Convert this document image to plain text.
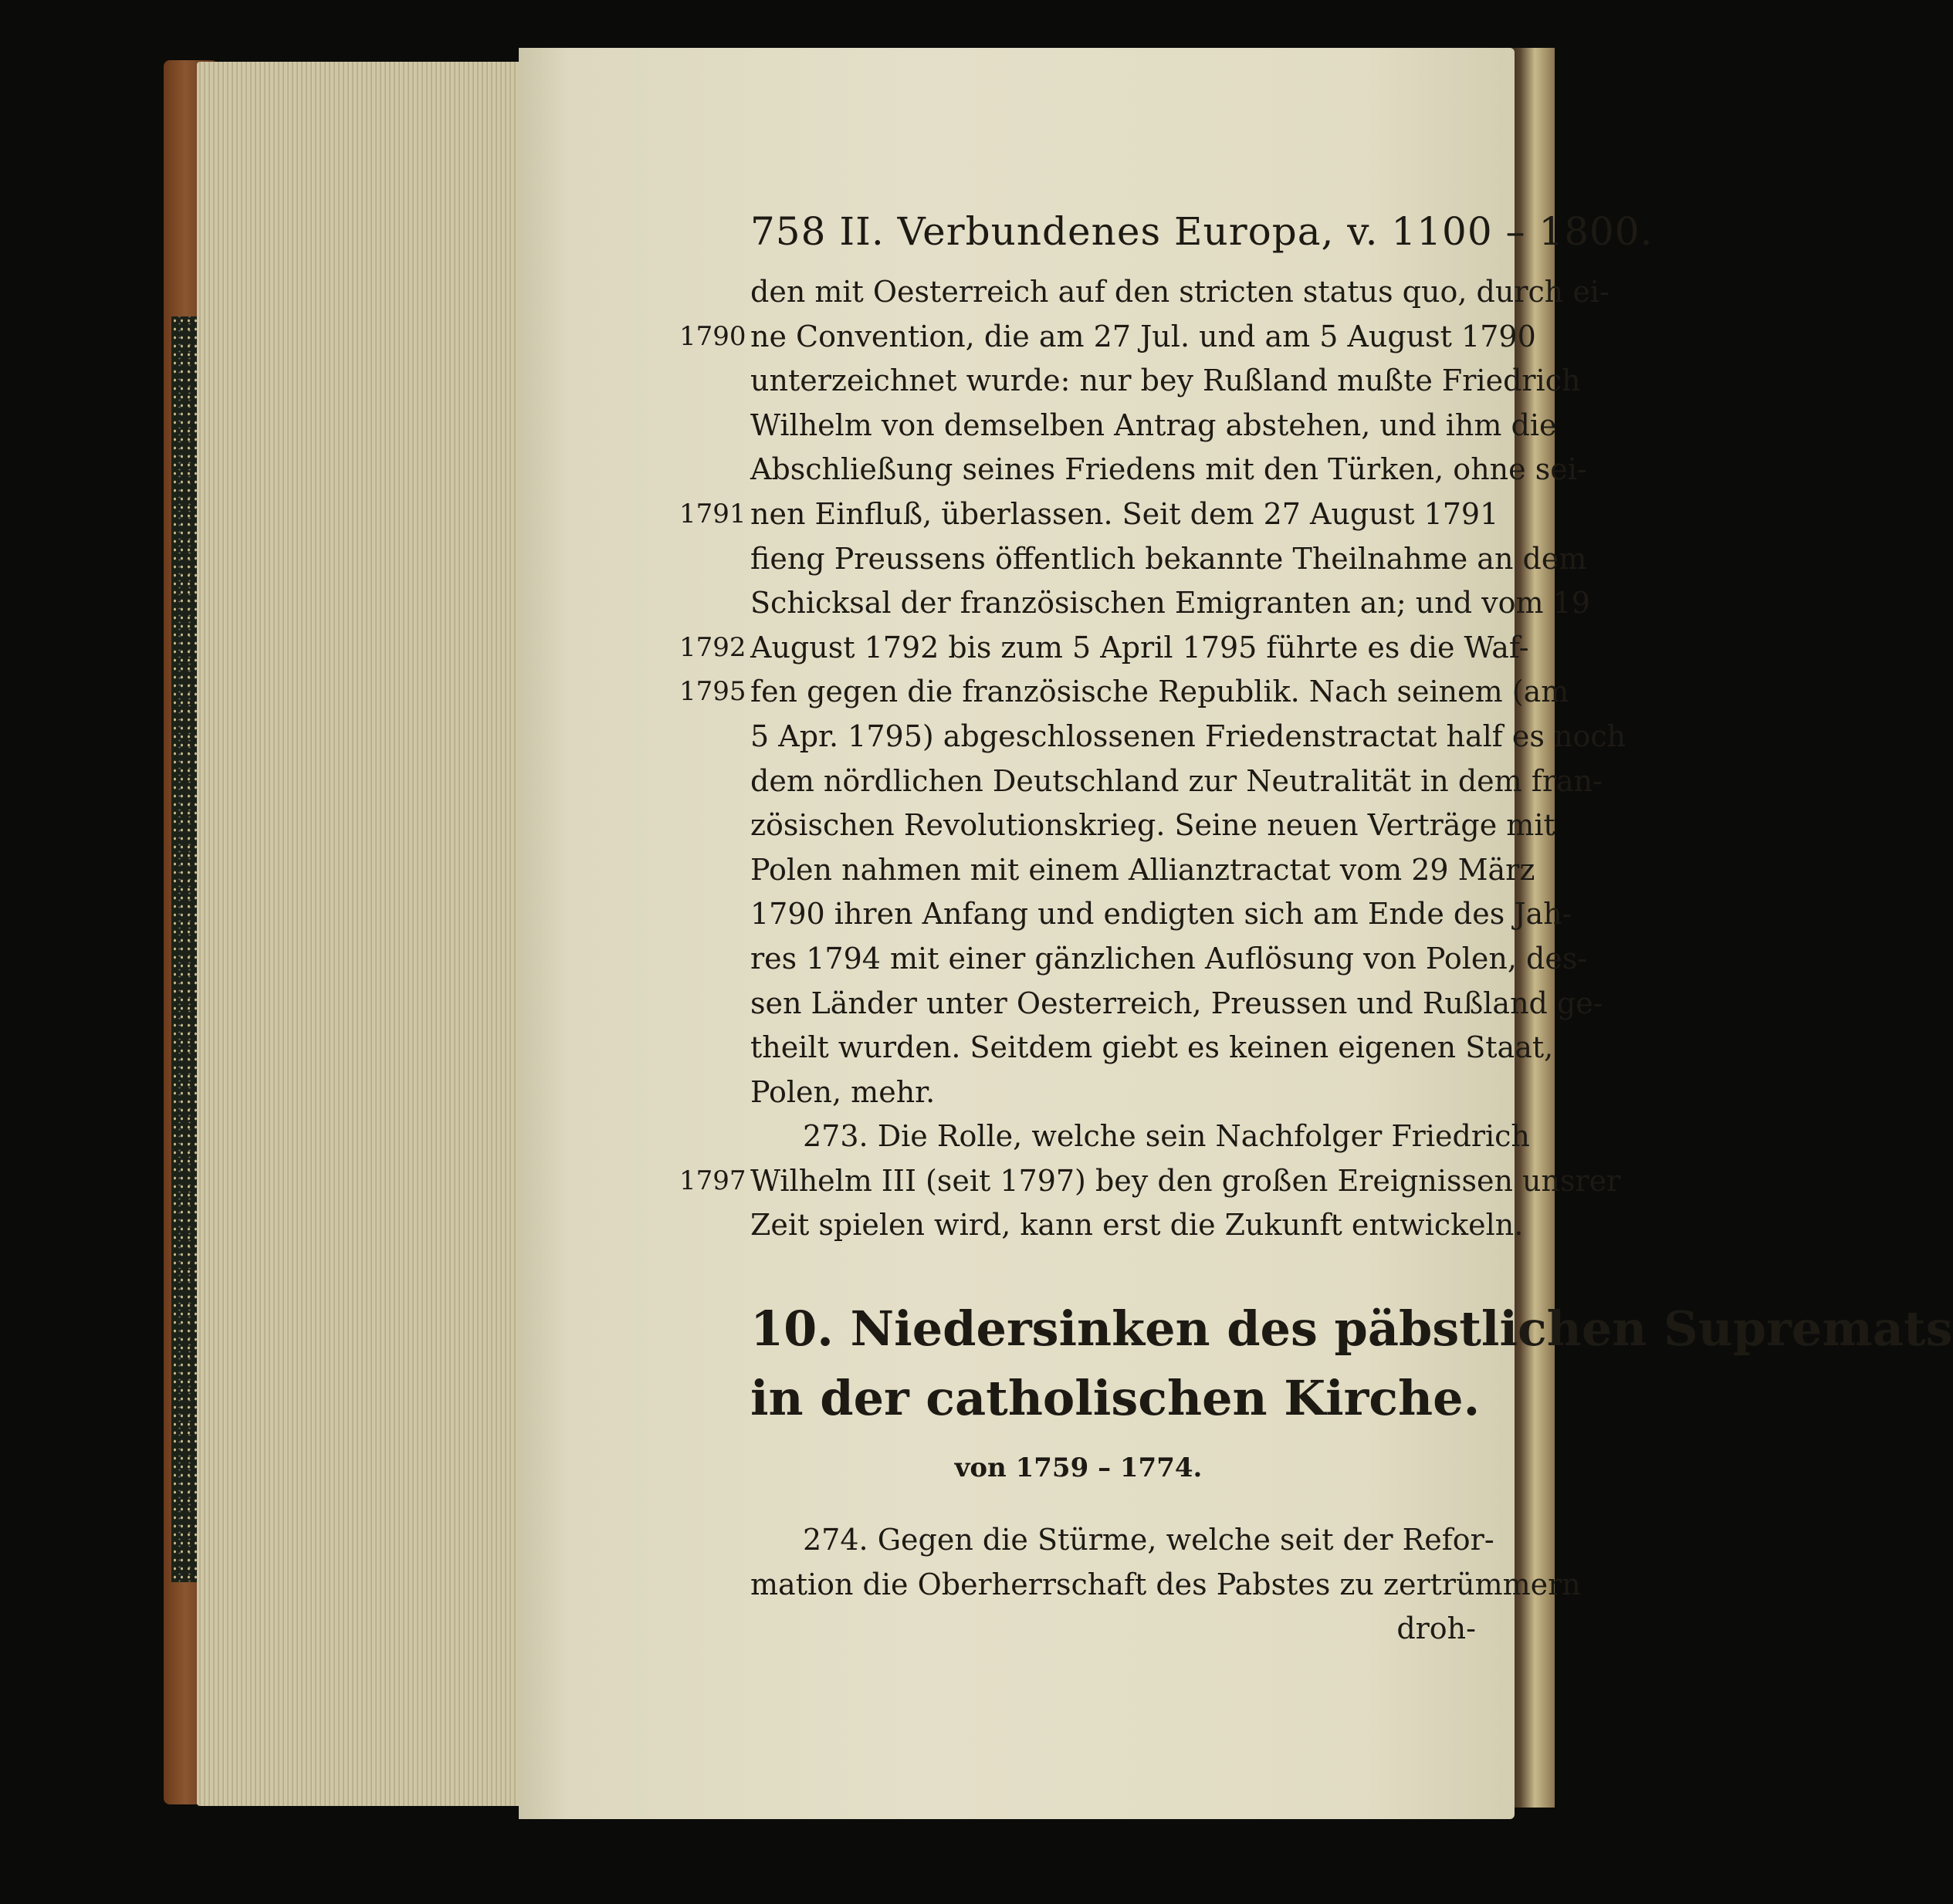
758 II. Verbundenes Europa, v. 1100 – 1800.
den mit Oesterreich auf den stricten status quo, durch ei-
ne Convention, die am 27 Jul. und am 5 August 1790
1790
unterzeichnet wurde: nur bey Rußland mußte Friedrich
Wilhelm von demselben Antrag abstehen, und ihm die
Abschließung seines Friedens mit den Türken, ohne sei-
nen Einfluß, überlassen. Seit dem 27 August 1791
1791
fieng Preussens öffentlich bekannte Theilnahme an dem
Schicksal der französischen Emigranten an; und vom 19
August 1792 bis zum 5 April 1795 führte es die Waf-
1792
fen gegen die französische Republik. Nach seinem (am
1795
5 Apr. 1795) abgeschlossenen Friedenstractat half es noch
dem nördlichen Deutschland zur Neutralität in dem fran-
zösischen Revolutionskrieg. Seine neuen Verträge mit
Polen nahmen mit einem Allianztractat vom 29 März
1790 ihren Anfang und endigten sich am Ende des Jah-
res 1794 mit einer gänzlichen Auflösung von Polen, des-
sen Länder unter Oesterreich, Preussen und Rußland ge-
theilt wurden. Seitdem giebt es keinen eigenen Staat,
Polen, mehr.
273. Die Rolle, welche sein Nachfolger Friedrich
Wilhelm III (seit 1797) bey den großen Ereignissen unsrer
1797
Zeit spielen wird, kann erst die Zukunft entwickeln.
10. Niedersinken des päbstlichen Supremats
in der catholischen Kirche.
von 1759 – 1774.
274. Gegen die Stürme, welche seit der Refor-
mation die Oberherrschaft des Pabstes zu zertrümmern
droh-
